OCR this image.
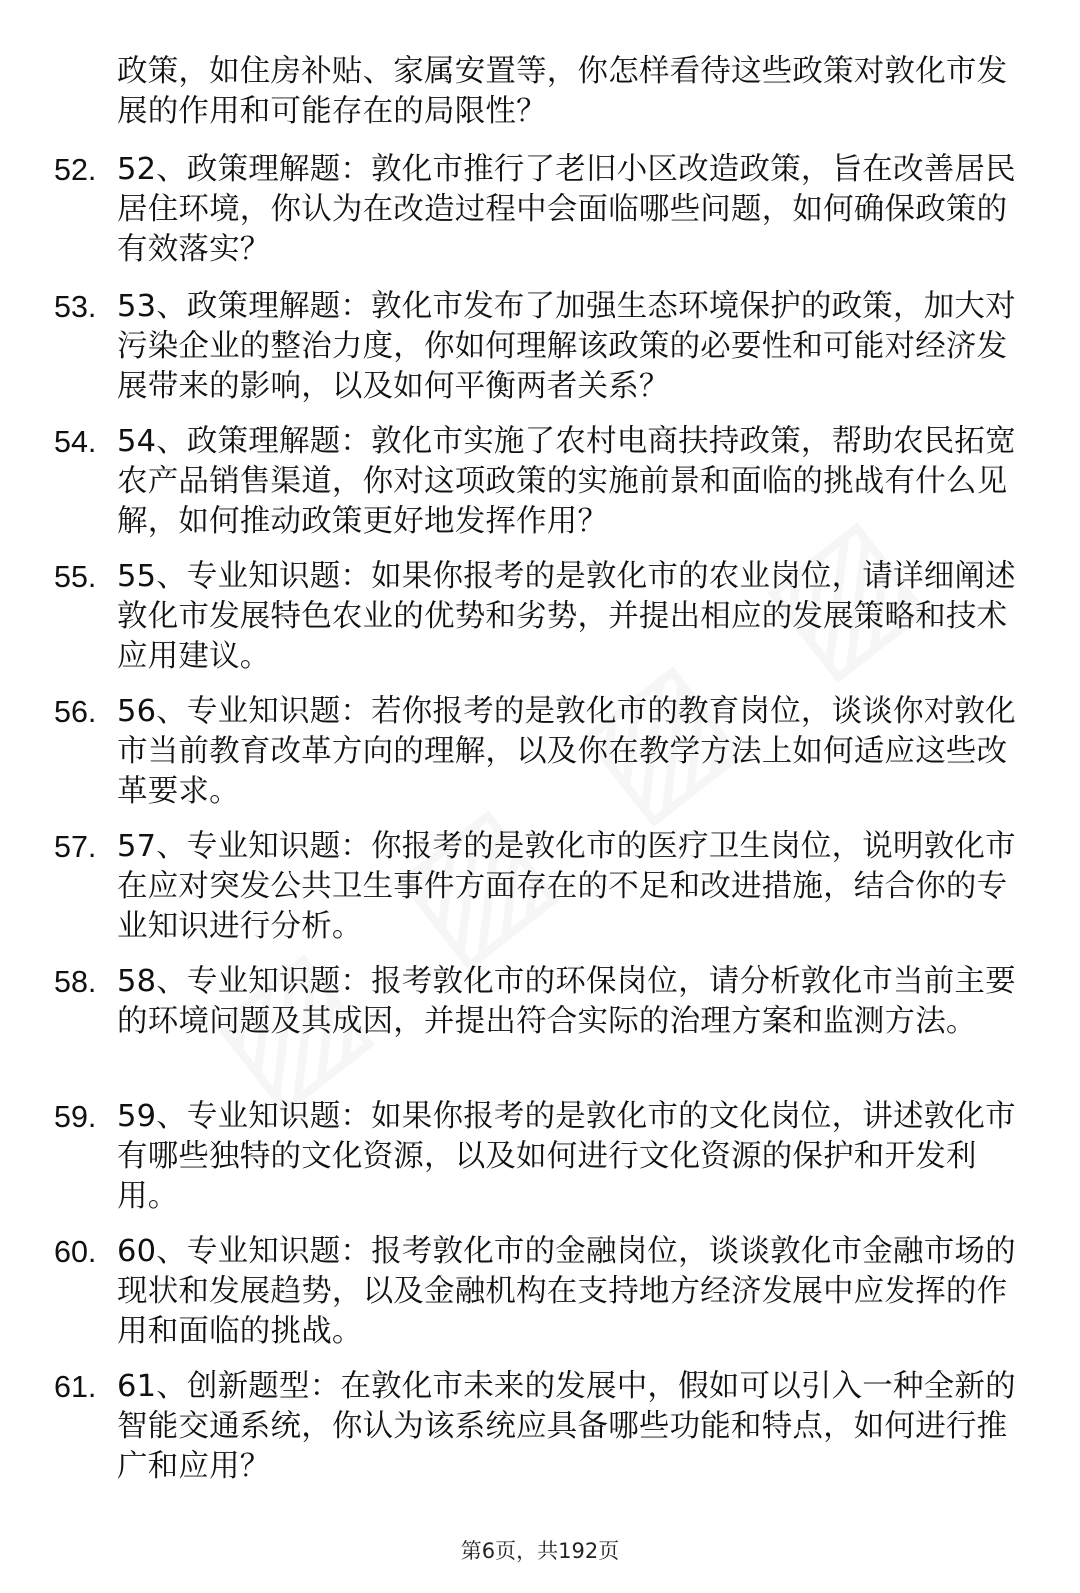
政策，如住房补贴、家属安置等，你怎样看待这些政策对敦化市发展的作用和可能存在的局限性？
52. 52、政策理解题：敦化市推行了老旧小区改造政策，旨在改善居民居住环境，你认为在改造过程中会面临哪些问题，如何确保政策的有效落实？
53. 53、政策理解题：敦化市发布了加强生态环境保护的政策，加大对污染企业的整治力度，你如何理解该政策的必要性和可能对经济发展带来的影响，以及如何平衡两者关系？
54. 54、政策理解题：敦化市实施了农村电商扶持政策，帮助农民拓宽农产品销售渠道，你对这项政策的实施前景和面临的挑战有什么见解，如何推动政策更好地发挥作用？
55. 55、专业知识题：如果你报考的是敦化市的农业岗位，请详细阐述敦化市发展特色农业的优势和劣势，并提出相应的发展策略和技术应用建议。
56. 56、专业知识题：若你报考的是敦化市的教育岗位，谈谈你对敦化市当前教育改革方向的理解，以及你在教学方法上如何适应这些改革要求。
57. 57、专业知识题：你报考的是敦化市的医疗卫生岗位，说明敦化市在应对突发公共卫生事件方面存在的不足和改进措施，结合你的专业知识进行分析。
58. 58、专业知识题：报考敦化市的环保岗位，请分析敦化市当前主要的环境问题及其成因，并提出符合实际的治理方案和监测方法。
59. 59、专业知识题：如果你报考的是敦化市的文化岗位，讲述敦化市有哪些独特的文化资源，以及如何进行文化资源的保护和开发利用。
60. 60、专业知识题：报考敦化市的金融岗位，谈谈敦化市金融市场的现状和发展趋势，以及金融机构在支持地方经济发展中应发挥的作用和面临的挑战。
61. 61、创新题型：在敦化市未来的发展中，假如可以引入一种全新的智能交通系统，你认为该系统应具备哪些功能和特点，如何进行推广和应用？
第6页，共192页
